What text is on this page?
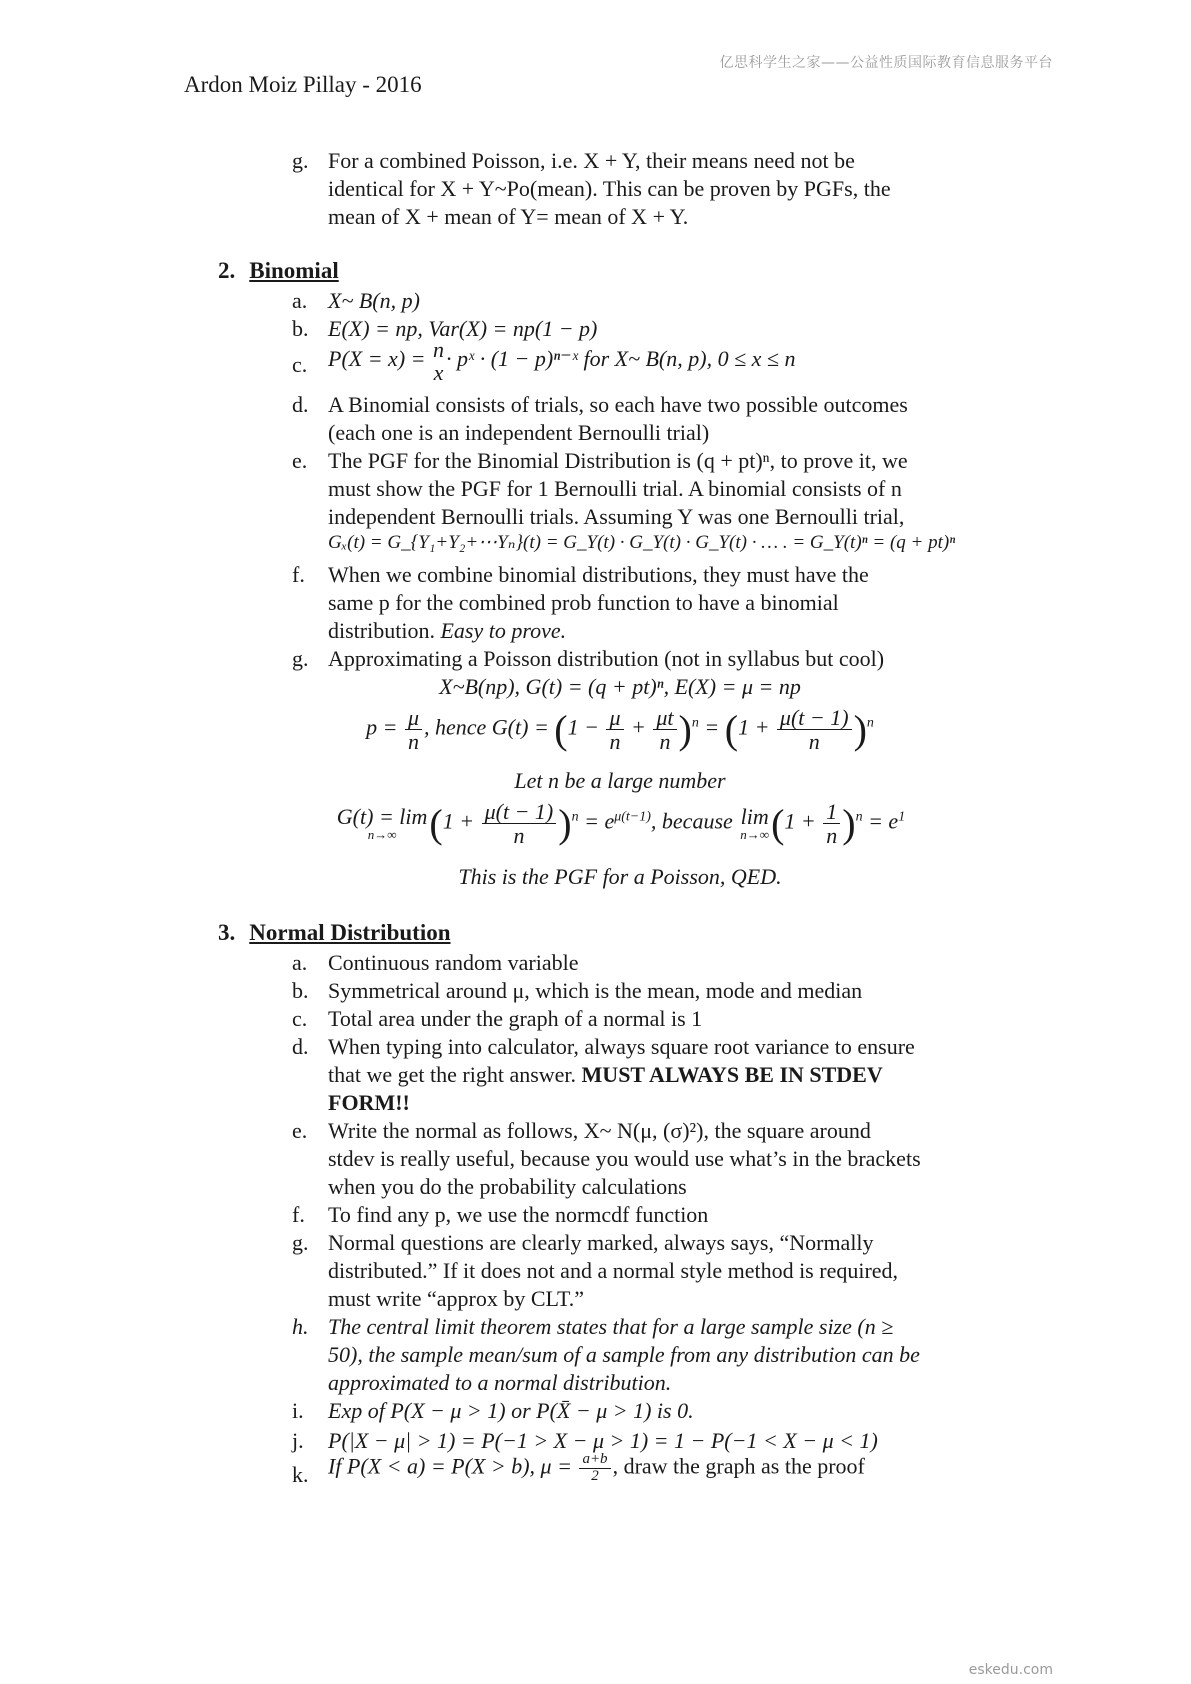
亿思科学生之家——公益性质国际教育信息服务平台
Ardon Moiz Pillay - 2016
g. For a combined Poisson, i.e. X + Y, their means need not be
identical for X + Y~Po(mean). This can be proven by PGFs, the
mean of X + mean of Y= mean of X + Y.
2. Binomial
a. X~ B(n, p)
b. E(X) = np, Var(X) = np(1 − p)
c. P(X = x) = n
x
· pˣ · (1 − p)ⁿ⁻ˣ for X~ B(n, p), 0 ≤ x ≤ n
d. A Binomial consists of trials, so each have two possible outcomes
(each one is an independent Bernoulli trial)
e. The PGF for the Binomial Distribution is (q + pt)ⁿ, to prove it, we
must show the PGF for 1 Bernoulli trial. A binomial consists of n
independent Bernoulli trials. Assuming Y was one Bernoulli trial,
Gₓ(t) = G_{Y₁+Y₂+⋯Yₙ}(t) = G_Y(t) · G_Y(t) · G_Y(t) · … . = G_Y(t)ⁿ = (q + pt)ⁿ
f. When we combine binomial distributions, they must have the
same p for the combined prob function to have a binomial
distribution. Easy to prove.
g. Approximating a Poisson distribution (not in syllabus but cool)
X~B(np), G(t) = (q + pt)ⁿ, E(X) = μ = np
$p = \frac{\mu}{n}$ , hence $G(t) = (1 - \frac{\mu}{n} + \frac{\mu t}{n} )^n = (1 + \frac{\mu(t - 1)}{n} )^n$
Let n be a large number
G(t) = lim
n→∞ $(1 + \frac{\mu(t - 1)}{n} )^n = e^{\mu(t-1)}$, because lim
n→∞ $(1 + \frac{1}{n} )^n = e^1$
This is the PGF for a Poisson, QED.
3. Normal Distribution
a. Continuous random variable
b. Symmetrical around μ, which is the mean, mode and median
c. Total area under the graph of a normal is 1
d. When typing into calculator, always square root variance to ensure
that we get the right answer. MUST ALWAYS BE IN STDEV
FORM!!
e. Write the normal as follows, X~ N(μ, (σ)²), the square around
stdev is really useful, because you would use what’s in the brackets
when you do the probability calculations
f. To find any p, we use the normcdf function
g. Normal questions are clearly marked, always says, “Normally
distributed.” If it does not and a normal style method is required,
must write “approx by CLT.”
h. The central limit theorem states that for a large sample size (n ≥
50), the sample mean/sum of a sample from any distribution can be
approximated to a normal distribution.
i. Exp of P(X − μ > 1) or P(X̄ − μ > 1) is 0.
j. P(|X − μ| > 1) = P(−1 > X − μ > 1) = 1 − P(−1 < X − μ < 1)
k. If P(X < a) = P(X > b), $\mu = \frac{a+b}{2}$ , draw the graph as the proof
eskedu.com
